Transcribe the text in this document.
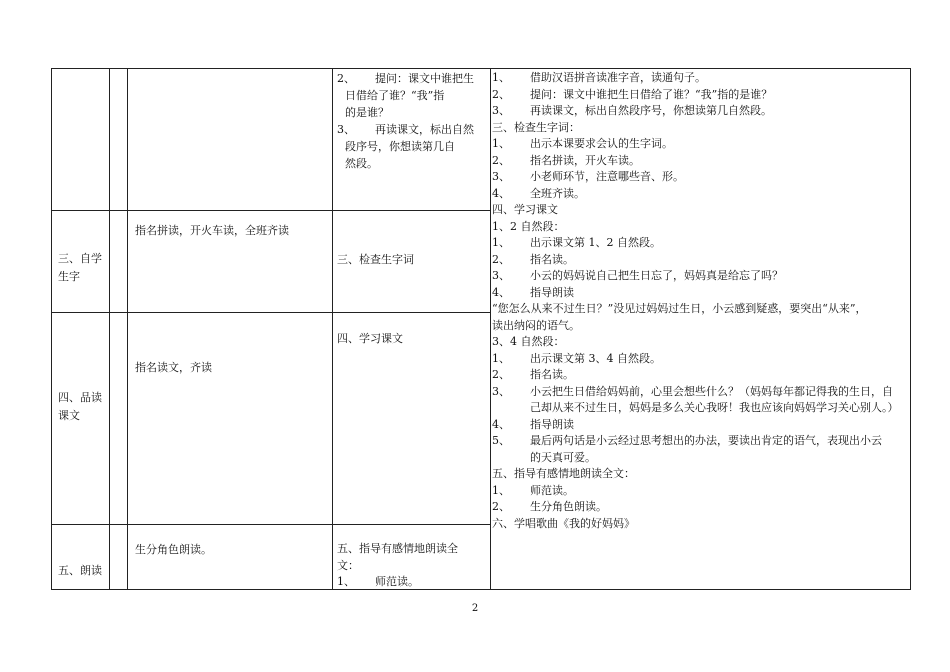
2、 提问：课文中谁把生
日借给了谁？“我”指
的是谁？
3、 再读课文，标出自然
段序号，你想读第几自
然段。
三、自学生字
指名拼读，开火车读，全班齐读
三、检查生字词
四、品读课文
指名读文，齐读
四、学习课文
五、朗读
生分角色朗读。	五、指导有感情地朗读全
文：
1、 师范读。
1、 借助汉语拼音读准字音，读通句子。
2、 提问：课文中谁把生日借给了谁？“我”指的是谁？
3、 再读课文，标出自然段序号，你想读第几自然段。
三、检查生字词：
1、 出示本课要求会认的生字词。
2、 指名拼读，开火车读。
3、 小老师环节，注意哪些音、形。
4、 全班齐读。
四、学习课文
1、2 自然段：
1、 出示课文第 1、2 自然段。
2、 指名读。
3、 小云的妈妈说自己把生日忘了，妈妈真是给忘了吗？
4、 指导朗读
“您怎么从来不过生日？”没见过妈妈过生日，小云感到疑惑，要突出“从来”，
读出纳闷的语气。
3、4 自然段：
1、 出示课文第 3、4 自然段。
2、 指名读。
3、 小云把生日借给妈妈前，心里会想些什么？（妈妈每年都记得我的生日，自
己却从来不过生日，妈妈是多么关心我呀！我也应该向妈妈学习关心别人。）
4、 指导朗读
5、 最后两句话是小云经过思考想出的办法，要读出肯定的语气，表现出小云
的天真可爱。
五、指导有感情地朗读全文：
1、 师范读。
2、 生分角色朗读。
六、学唱歌曲《我的好妈妈》
2
